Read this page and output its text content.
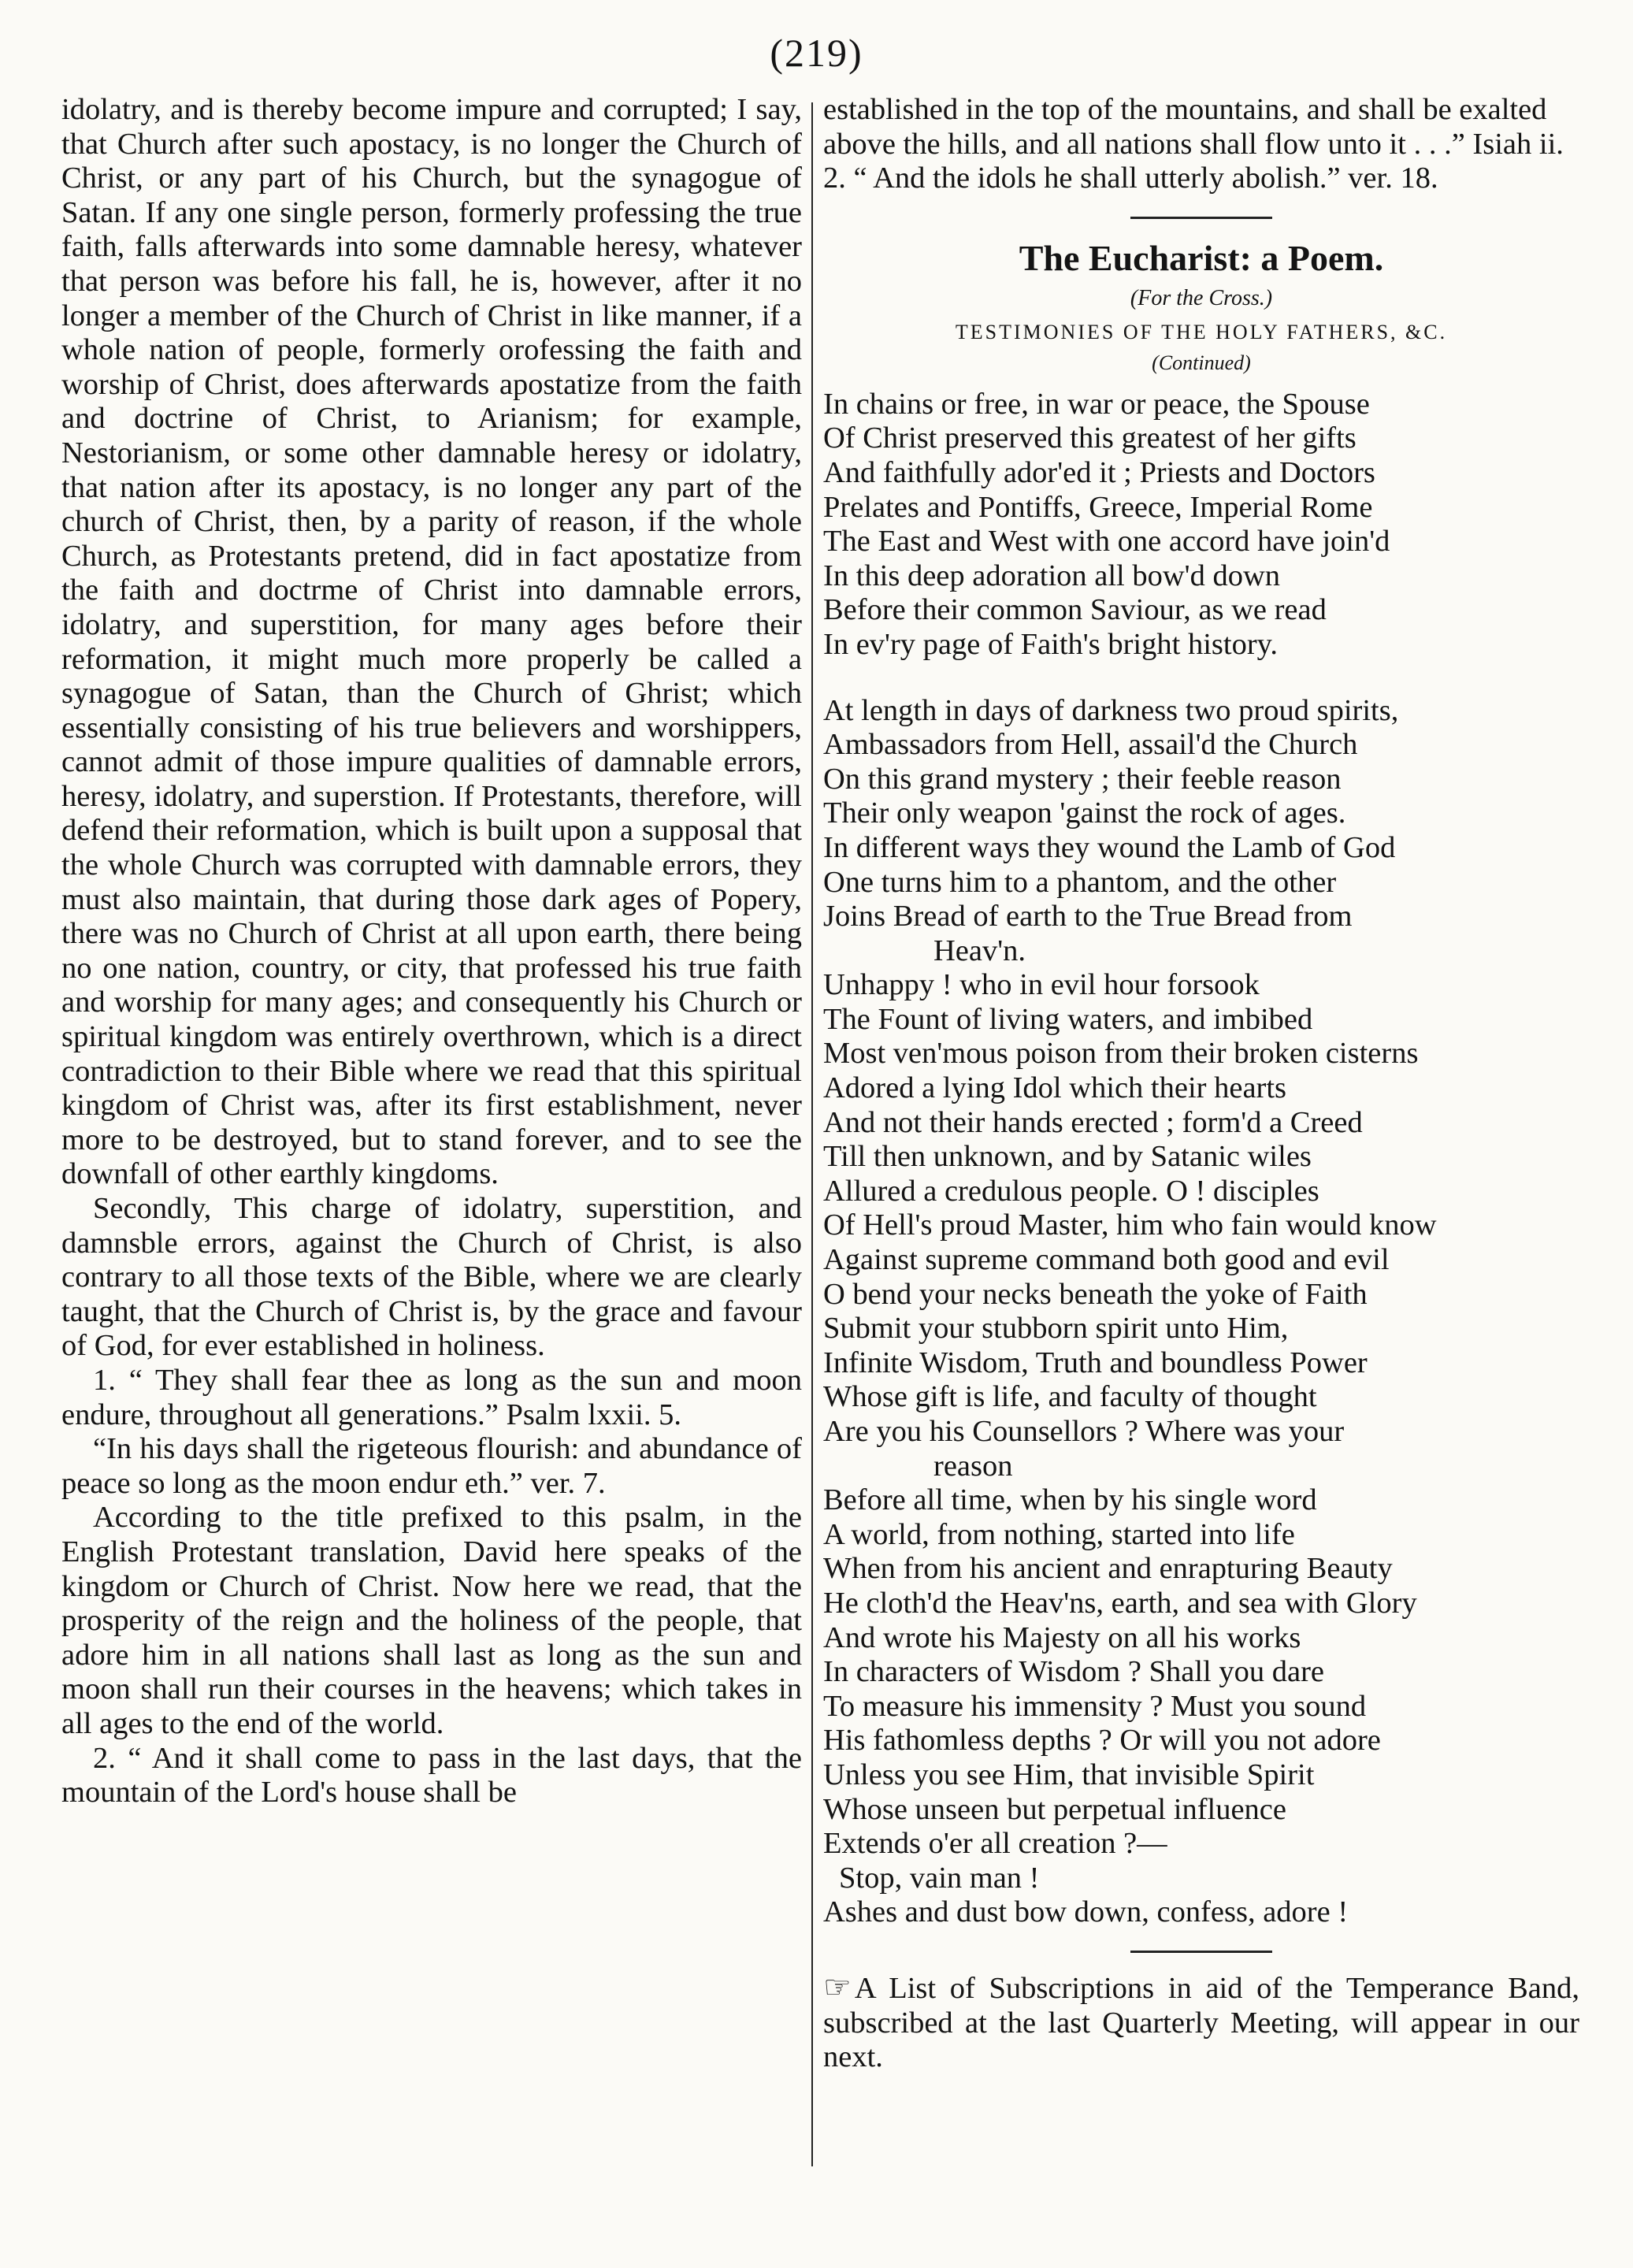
(219)

idolatry, and is thereby become impure and corrupted; I say, that Church after such apostacy, is no longer the Church of Christ, or any part of his Church, but the synagogue of Satan. If any one single person, formerly professing the true faith, falls afterwards into some damnable heresy, whatever that person was before his fall, he is, however, after it no longer a member of the Church of Christ in like manner, if a whole nation of people, formerly orofessing the faith and worship of Christ, does afterwards apostatize from the faith and doctrine of Christ, to Arianism; for example, Nestorianism, or some other damnable heresy or idolatry, that nation after its apostacy, is no longer any part of the church of Christ, then, by a parity of reason, if the whole Church, as Protestants pretend, did in fact apostatize from the faith and doctrme of Christ into damnable errors, idolatry, and superstition, for many ages before their reformation, it might much more properly be called a synagogue of Satan, than the Church of Ghrist; which essentially consisting of his true believers and worshippers, cannot admit of those impure qualities of damnable errors, heresy, idolatry, and superstion. If Protestants, therefore, will defend their reformation, which is built upon a supposal that the whole Church was corrupted with damnable errors, they must also maintain, that during those dark ages of Popery, there was no Church of Christ at all upon earth, there being no one nation, country, or city, that professed his true faith and worship for many ages; and consequently his Church or spiritual kingdom was entirely overthrown, which is a direct contradiction to their Bible where we read that this spiritual kingdom of Christ was, after its first establishment, never more to be destroyed, but to stand forever, and to see the downfall of other earthly kingdoms.

Secondly, This charge of idolatry, superstition, and damnsble errors, against the Church of Christ, is also contrary to all those texts of the Bible, where we are clearly taught, that the Church of Christ is, by the grace and favour of God, for ever established in holiness.

1. “ They shall fear thee as long as the sun and moon endure, throughout all generations.” Psalm lxxii. 5.

“In his days shall the rigeteous flourish: and abundance of peace so long as the moon endur eth.” ver. 7.

According to the title prefixed to this psalm, in the English Protestant translation, David here speaks of the kingdom or Church of Christ. Now here we read, that the prosperity of the reign and the holiness of the people, that adore him in all nations shall last as long as the sun and moon shall run their courses in the heavens; which takes in all ages to the end of the world.

2. “ And it shall come to pass in the last days, that the mountain of the Lord's house shall be

established in the top of the mountains, and shall be exalted above the hills, and all nations shall flow unto it . . .” Isiah ii. 2. “ And the idols he shall utterly abolish.” ver. 18.

The Eucharist: a Poem.

(For the Cross.)

TESTIMONIES OF THE HOLY FATHERS, &C.

(Continued)

In chains or free, in war or peace, the Spouse
Of Christ preserved this greatest of her gifts
And faithfully ador'ed it ; Priests and Doctors
Prelates and Pontiffs, Greece, Imperial Rome
The East and West with one accord have join'd
In this deep adoration all bow'd down
Before their common Saviour, as we read
In ev'ry page of Faith's bright history.
At length in days of darkness two proud spirits,
Ambassadors from Hell, assail'd the Church
On this grand mystery ; their feeble reason
Their only weapon 'gainst the rock of ages.
In different ways they wound the Lamb of God
One turns him to a phantom, and the other
Joins Bread of earth to the True Bread from
Heav'n.
Unhappy ! who in evil hour forsook
The Fount of living waters, and imbibed
Most ven'mous poison from their broken cisterns
Adored a lying Idol which their hearts
And not their hands erected ; form'd a Creed
Till then unknown, and by Satanic wiles
Allured a credulous people. O ! disciples
Of Hell's proud Master, him who fain would know
Against supreme command both good and evil
O bend your necks beneath the yoke of Faith
Submit your stubborn spirit unto Him,
Infinite Wisdom, Truth and boundless Power
Whose gift is life, and faculty of thought
Are you his Counsellors ? Where was your
reason
Before all time, when by his single word
A world, from nothing, started into life
When from his ancient and enrapturing Beauty
He cloth'd the Heav'ns, earth, and sea with Glory
And wrote his Majesty on all his works
In characters of Wisdom ? Shall you dare
To measure his immensity ? Must you sound
His fathomless depths ? Or will you not adore
Unless you see Him, that invisible Spirit
Whose unseen but perpetual influence
Extends o'er all creation ?—
Stop, vain man !
Ashes and dust bow down, confess, adore !

☞ A List of Subscriptions in aid of the Temperance Band, subscribed at the last Quarterly Meeting, will appear in our next.
